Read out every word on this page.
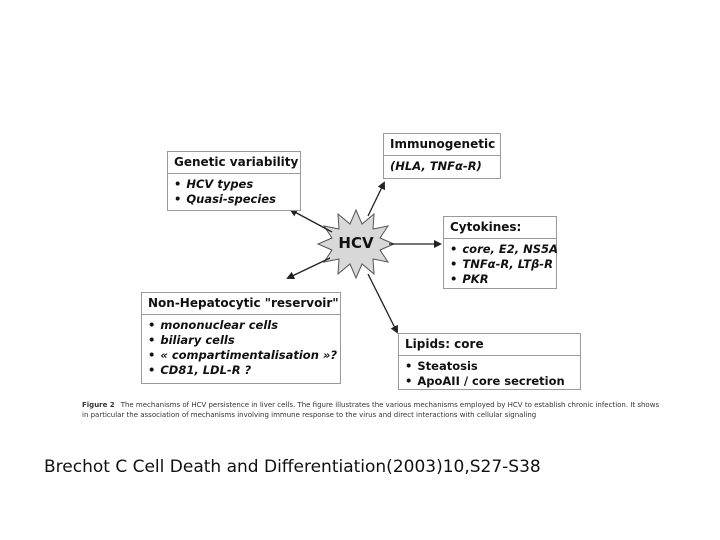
HCV
Immunogenetic
(HLA, TNFα-R)
Genetic variability
• HCV types
• Quasi-species
Cytokines:
• core, E2, NS5A
• TNFα-R, LTβ-R
• PKR
Non-Hepatocytic "reservoir"
• mononuclear cells
• biliary cells
• « compartimentalisation »?
• CD81, LDL-R ?
Lipids: core
• Steatosis
• ApoAII / core secretion
Figure 2 The mechanisms of HCV persistence in liver cells. The figure illustrates the various mechanisms employed by HCV to establish chronic infection. It shows in particular the association of mechanisms involving immune response to the virus and direct interactions with cellular signaling
Brechot C Cell Death and Differentiation(2003)10,S27-S38
